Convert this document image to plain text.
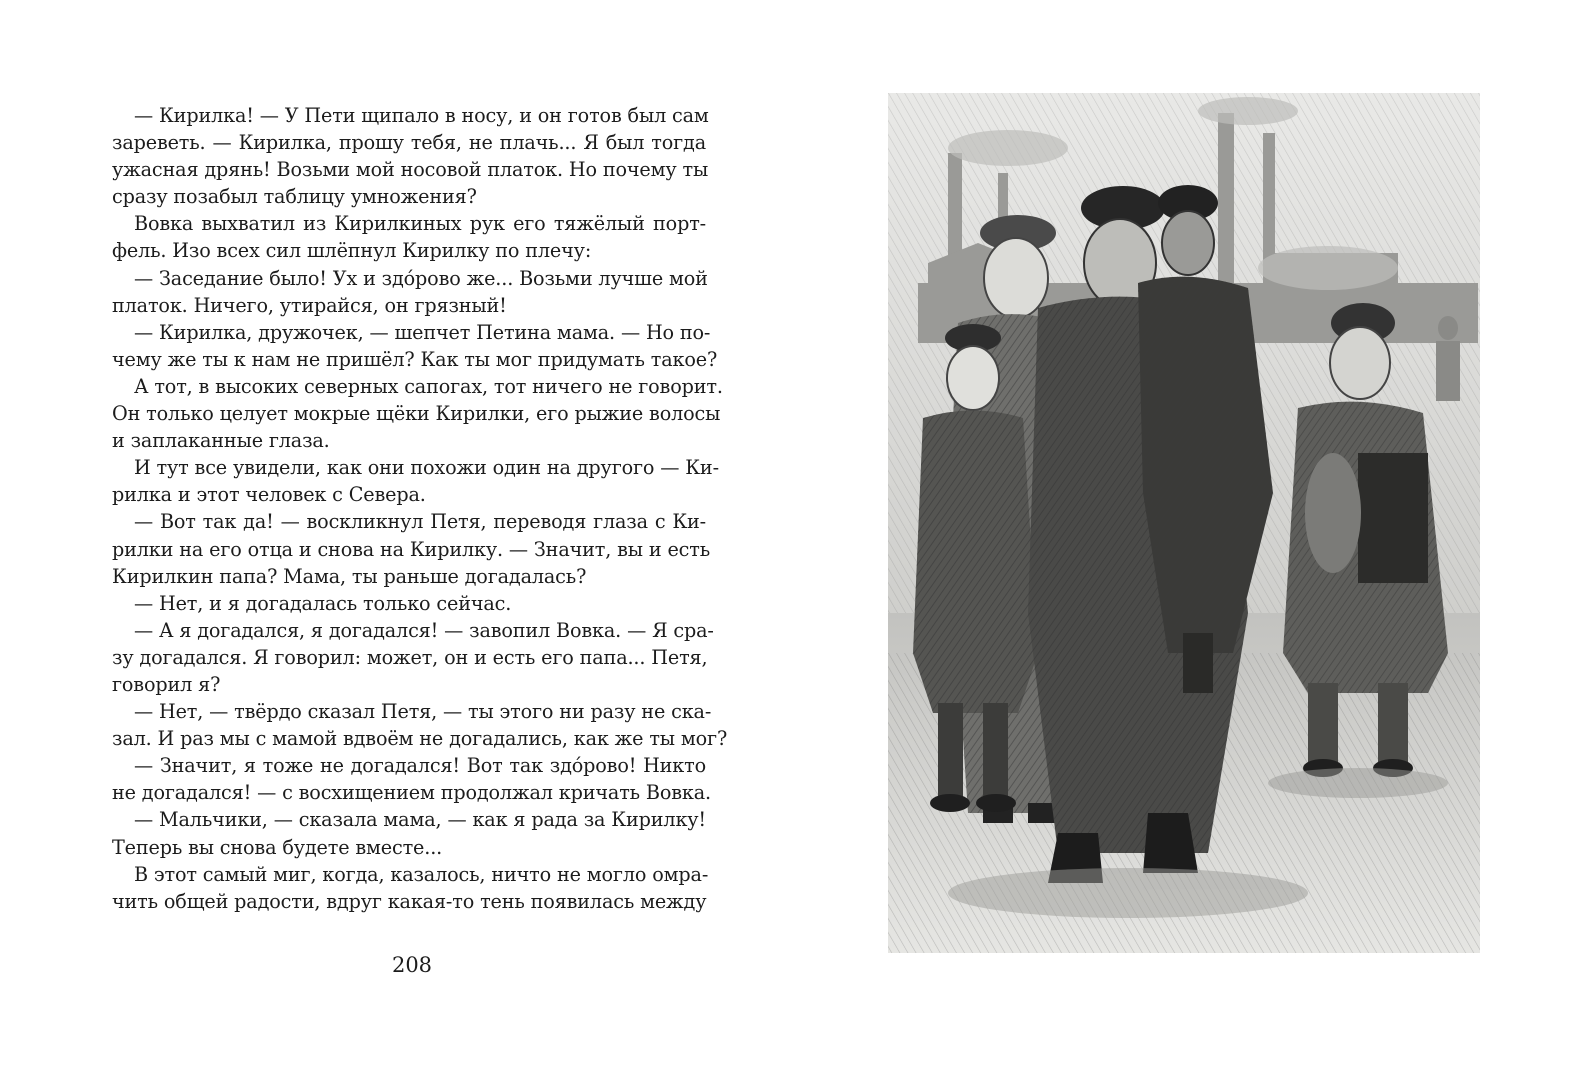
— Кирилка! — У Пети щипало в носу, и он готов был сам
зареветь. — Кирилка, прошу тебя, не плачь... Я был тогда
ужасная дрянь! Возьми мой носовой платок. Но почему ты
сразу позабыл таблицу умножения?
Вовка выхватил из Кирилкиных рук его тяжёлый порт-
фель. Изо всех сил шлёпнул Кирилку по плечу:
— Заседание было! Ух и здо́рово же... Возьми лучше мой
платок. Ничего, утирайся, он грязный!
— Кирилка, дружочек, — шепчет Петина мама. — Но по-
чему же ты к нам не пришёл? Как ты мог придумать такое?
А тот, в высоких северных сапогах, тот ничего не говорит.
Он только целует мокрые щёки Кирилки, его рыжие волосы
и заплаканные глаза.
И тут все увидели, как они похожи один на другого — Ки-
рилка и этот человек с Севера.
— Вот так да! — воскликнул Петя, переводя глаза с Ки-
рилки на его отца и снова на Кирилку. — Значит, вы и есть
Кирилкин папа? Мама, ты раньше догадалась?
— Нет, и я догадалась только сейчас.
— А я догадался, я догадался! — завопил Вовка. — Я сра-
зу догадался. Я говорил: может, он и есть его папа... Петя,
говорил я?
— Нет, — твёрдо сказал Петя, — ты этого ни разу не ска-
зал. И раз мы с мамой вдвоём не догадались, как же ты мог?
— Значит, я тоже не догадался! Вот так здо́рово! Никто
не догадался! — с восхищением продолжал кричать Вовка.
— Мальчики, — сказала мама, — как я рада за Кирилку!
Теперь вы снова будете вместе...
В этот самый миг, когда, казалось, ничто не могло омра-
чить общей радости, вдруг какая-то тень появилась между
208
